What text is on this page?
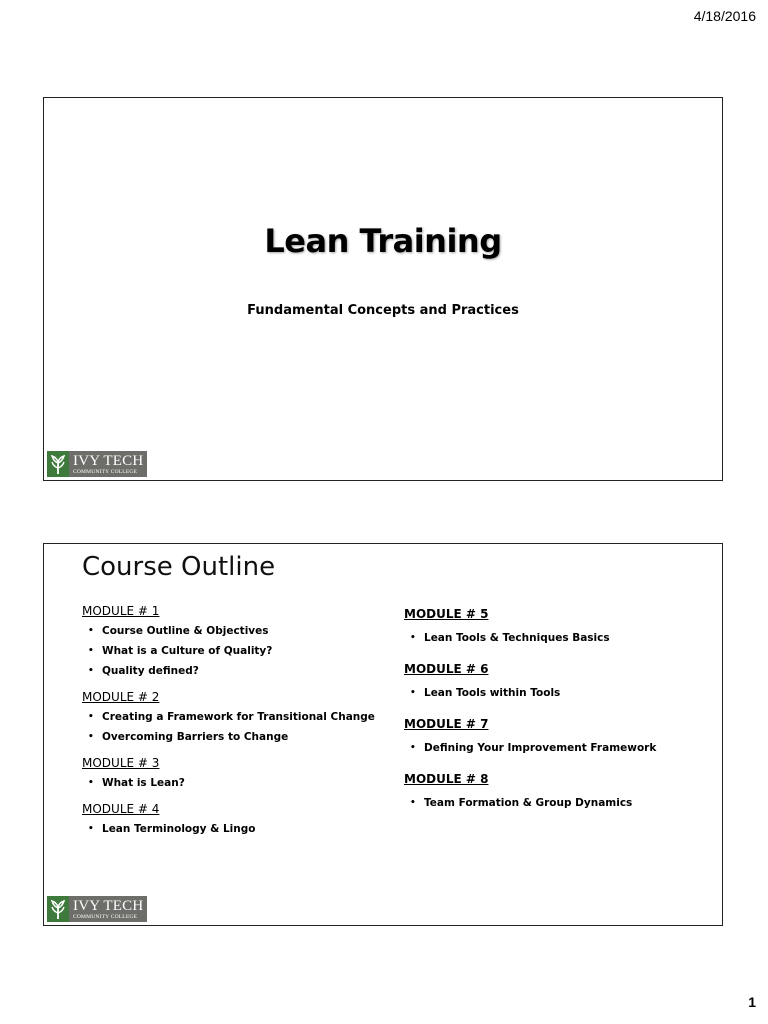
4/18/2016
Lean Training
Fundamental Concepts and Practices
IVY TECH
COMMUNITY COLLEGE
Course Outline
MODULE # 1
• Course Outline & Objectives
• What is a Culture of Quality?
• Quality defined?
MODULE # 2
• Creating a Framework for Transitional Change
• Overcoming Barriers to Change
MODULE # 3
• What is Lean?
MODULE # 4
• Lean Terminology & Lingo
MODULE # 5
• Lean Tools & Techniques Basics
MODULE # 6
• Lean Tools within Tools
MODULE # 7
• Defining Your Improvement Framework
MODULE # 8
• Team Formation & Group Dynamics
IVY TECH
COMMUNITY COLLEGE
1
